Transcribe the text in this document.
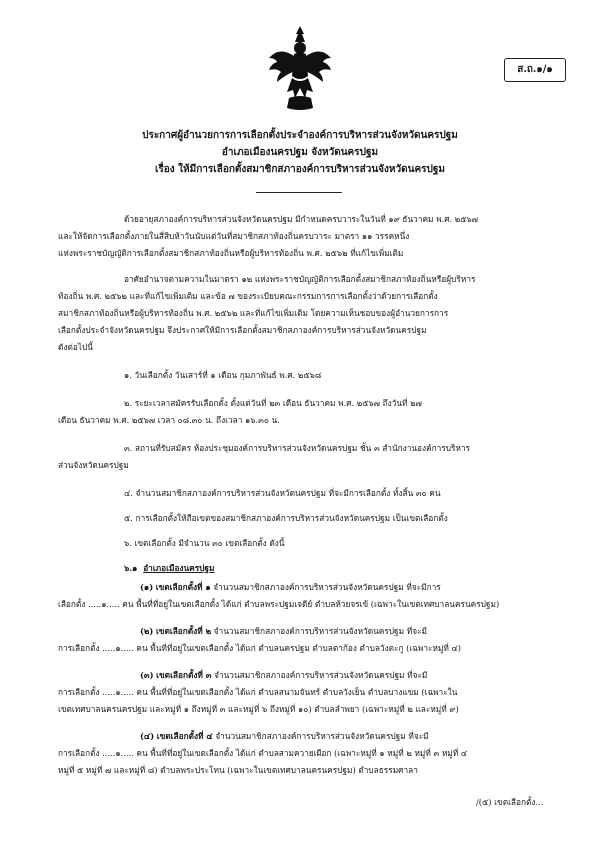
ส.ถ.๑/๑
ประกาศผู้อำนวยการการเลือกตั้งประจำองค์การบริหารส่วนจังหวัดนครปฐม
อำเภอเมืองนครปฐม จังหวัดนครปฐม
เรื่อง ให้มีการเลือกตั้งสมาชิกสภาองค์การบริหารส่วนจังหวัดนครปฐม
ด้วยอายุสภาองค์การบริหารส่วนจังหวัดนครปฐม มีกำหนดครบวาระในวันที่ ๑๙ ธันวาคม พ.ศ. ๒๕๖๗
และให้จัดการเลือกตั้งภายในสี่สิบห้าวันนับแต่วันที่สมาชิกสภาท้องถิ่นครบวาระ มาตรา ๑๑ วรรคหนึ่ง
แห่งพระราชบัญญัติการเลือกตั้งสมาชิกสภาท้องถิ่นหรือผู้บริหารท้องถิ่น พ.ศ. ๒๕๖๒ ที่แก้ไขเพิ่มเติม
อาศัยอำนาจตามความในมาตรา ๑๒ แห่งพระราชบัญญัติการเลือกตั้งสมาชิกสภาท้องถิ่นหรือผู้บริหาร
ท้องถิ่น พ.ศ. ๒๕๖๒ และที่แก้ไขเพิ่มเติม และข้อ ๗ ของระเบียบคณะกรรมการการเลือกตั้งว่าด้วยการเลือกตั้ง
สมาชิกสภาท้องถิ่นหรือผู้บริหารท้องถิ่น พ.ศ. ๒๕๖๒ และที่แก้ไขเพิ่มเติม โดยความเห็นชอบของผู้อำนวยการการ
เลือกตั้งประจำจังหวัดนครปฐม จึงประกาศให้มีการเลือกตั้งสมาชิกสภาองค์การบริหารส่วนจังหวัดนครปฐม
ดังต่อไปนี้
๑. วันเลือกตั้ง วันเสาร์ที่ ๑ เดือน กุมภาพันธ์ พ.ศ. ๒๕๖๘
๒. ระยะเวลาสมัครรับเลือกตั้ง ตั้งแต่วันที่ ๒๓ เดือน ธันวาคม พ.ศ. ๒๕๖๗ ถึงวันที่ ๒๗
เดือน ธันวาคม พ.ศ. ๒๕๖๗ เวลา ๐๘.๓๐ น. ถึงเวลา ๑๖.๓๐ น.
๓. สถานที่รับสมัคร ห้องประชุมองค์การบริหารส่วนจังหวัดนครปฐม ชั้น ๓ สำนักงานองค์การบริหาร
ส่วนจังหวัดนครปฐม
๔. จำนวนสมาชิกสภาองค์การบริหารส่วนจังหวัดนครปฐม ที่จะมีการเลือกตั้ง ทั้งสิ้น ๓๐ คน
๕. การเลือกตั้งให้ถือเขตของสมาชิกสภาองค์การบริหารส่วนจังหวัดนครปฐม เป็นเขตเลือกตั้ง
๖. เขตเลือกตั้ง มีจำนวน ๓๐ เขตเลือกตั้ง ดังนี้
๖.๑ อำเภอเมืองนครปฐม
(๑) เขตเลือกตั้งที่ ๑ จำนวนสมาชิกสภาองค์การบริหารส่วนจังหวัดนครปฐม ที่จะมีการ
เลือกตั้ง .....๑..... คน พื้นที่ที่อยู่ในเขตเลือกตั้ง ได้แก่ ตำบลพระปฐมเจดีย์ ตำบลห้วยจรเข้ (เฉพาะในเขตเทศบาลนครนครปฐม)
(๒) เขตเลือกตั้งที่ ๒ จำนวนสมาชิกสภาองค์การบริหารส่วนจังหวัดนครปฐม ที่จะมี
การเลือกตั้ง .....๑..... คน พื้นที่ที่อยู่ในเขตเลือกตั้ง ได้แก่ ตำบลนครปฐม ตำบลตาก้อง ตำบลวังตะกู (เฉพาะหมู่ที่ ๔)
(๓) เขตเลือกตั้งที่ ๓ จำนวนสมาชิกสภาองค์การบริหารส่วนจังหวัดนครปฐม ที่จะมี
การเลือกตั้ง .....๑..... คน พื้นที่ที่อยู่ในเขตเลือกตั้ง ได้แก่ ตำบลสนามจันทร์ ตำบลวังเย็น ตำบลบางแขม (เฉพาะใน
เขตเทศบาลนครนครปฐม และหมู่ที่ ๑ ถึงหมู่ที่ ๓ และหมู่ที่ ๖ ถึงหมู่ที่ ๑๐) ตำบลลำพยา (เฉพาะหมู่ที่ ๒ และหมู่ที่ ๙)
(๔) เขตเลือกตั้งที่ ๔ จำนวนสมาชิกสภาองค์การบริหารส่วนจังหวัดนครปฐม ที่จะมี
การเลือกตั้ง .....๑..... คน พื้นที่ที่อยู่ในเขตเลือกตั้ง ได้แก่ ตำบลสามควายเผือก (เฉพาะหมู่ที่ ๑ หมู่ที่ ๒ หมู่ที่ ๓ หมู่ที่ ๔
หมู่ที่ ๕ หมู่ที่ ๗ และหมู่ที่ ๘) ตำบลพระประโทน (เฉพาะในเขตเทศบาลนครนครปฐม) ตำบลธรรมศาลา
/(๕) เขตเลือกตั้ง...
